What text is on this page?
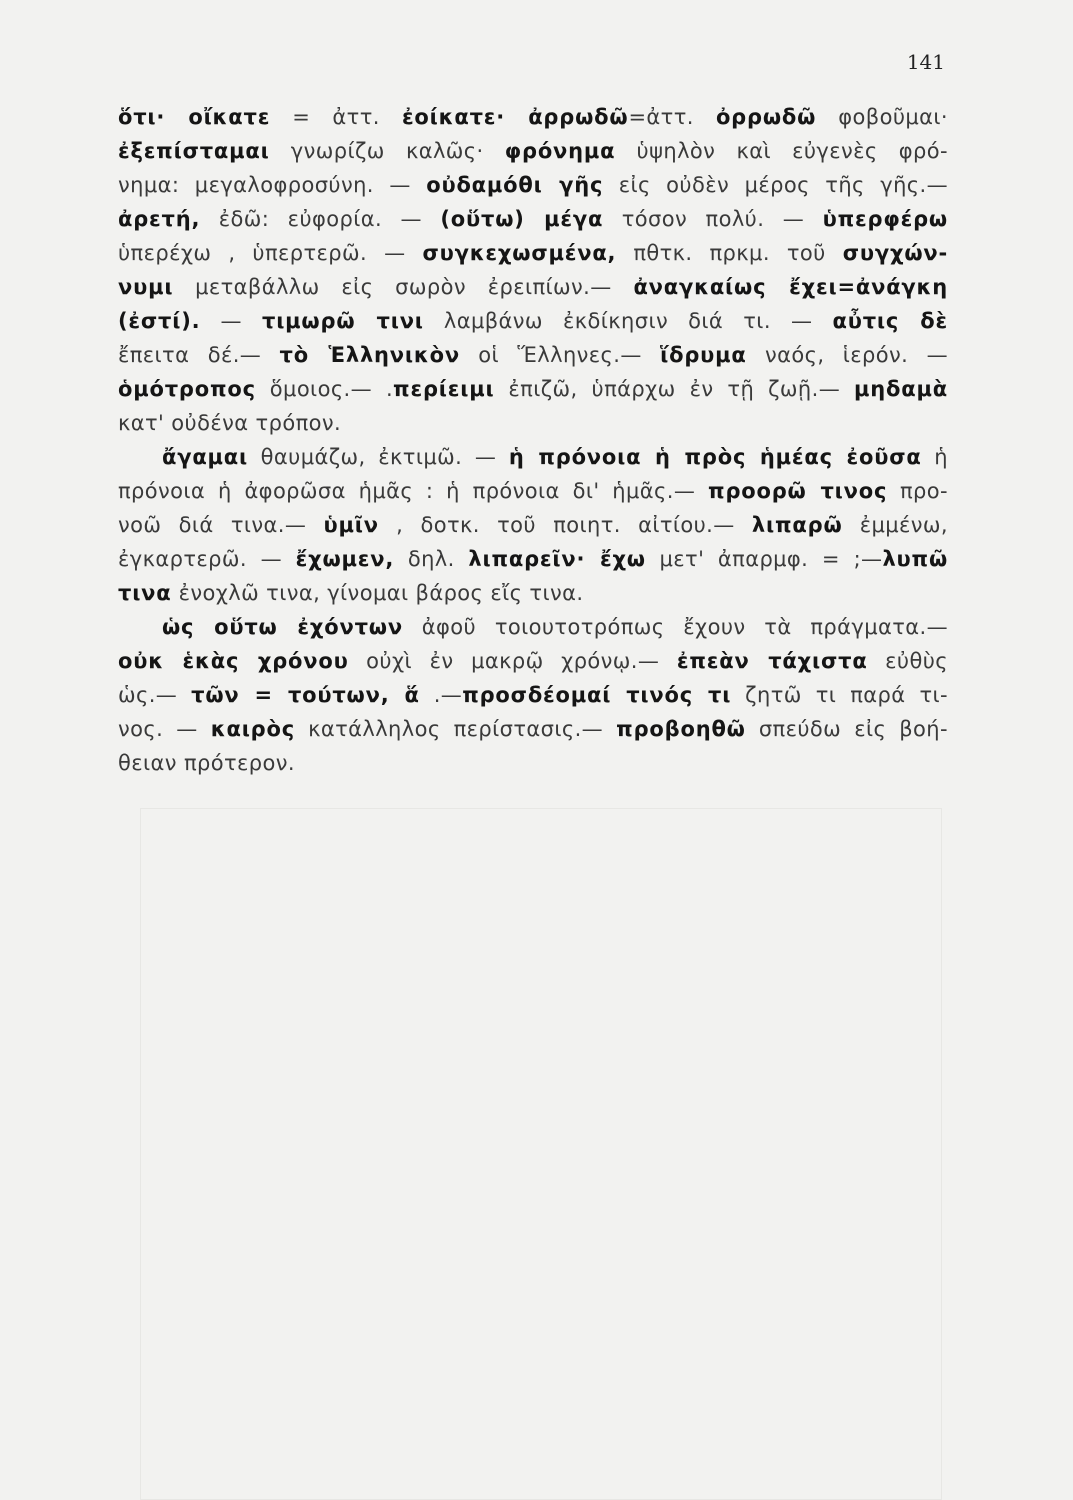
141
ὅτι· οἴκατε = ἀττ. ἐοίκατε· ἀρρωδῶ=ἀττ. ὀρρωδῶ φοβοῦμαι·
ἐξεπίσταμαι γνωρίζω καλῶς· φρόνημα ὑψηλὸν καὶ εὐγενὲς φρό-
νημα: μεγαλοφροσύνη. — οὐδαμόθι γῆς εἰς οὐδὲν μέρος τῆς γῆς.—
ἀρετή, ἐδῶ: εὐφορία. — (οὕτω) μέγα τόσον πολύ. — ὑπερφέρω
ὑπερέχω , ὑπερτερῶ. — συγκεχωσμένα, πθτκ. πρκμ. τοῦ συγχών-
νυμι μεταβάλλω εἰς σωρὸν ἐρειπίων.— ἀναγκαίως ἔχει=ἀνάγκη
(ἐστί). — τιμωρῶ τινι λαμβάνω ἐκδίκησιν διά τι. — αὖτις δὲ
ἔπειτα δέ.— τὸ Ἑλληνικὸν οἱ Ἕλληνες.— ἵδρυμα ναός, ἱερόν. —
ὁμότροπος ὅμοιος.— .περίειμι ἐπιζῶ, ὑπάρχω ἐν τῇ ζωῇ.— μηδαμὰ
κατ' οὐδένα τρόπον.
ἄγαμαι θαυμάζω, ἐκτιμῶ. — ἡ πρόνοια ἡ πρὸς ἡμέας ἐοῦσα ἡ
πρόνοια ἡ ἀφορῶσα ἡμᾶς : ἡ πρόνοια δι' ἡμᾶς.— προορῶ τινος προ-
νοῶ διά τινα.— ὑμῖν , δοτκ. τοῦ ποιητ. αἰτίου.— λιπαρῶ ἐμμένω,
ἐγκαρτερῶ. — ἔχωμεν, δηλ. λιπαρεῖν· ἔχω μετ' ἀπαρμφ. = ;—λυπῶ
τινα ἐνοχλῶ τινα, γίνομαι βάρος εἴς τινα.
ὡς οὕτω ἐχόντων ἀφοῦ τοιουτοτρόπως ἔχουν τὰ πράγματα.—
οὐκ ἑκὰς χρόνου οὐχὶ ἐν μακρῷ χρόνῳ.— ἐπεὰν τάχιστα εὐθὺς
ὡς.— τῶν = τούτων, ἅ .—προσδέομαί τινός τι ζητῶ τι παρά τι-
νος. — καιρὸς κατάλληλος περίστασις.— προβοηθῶ σπεύδω εἰς βοή-
θειαν πρότερον.
